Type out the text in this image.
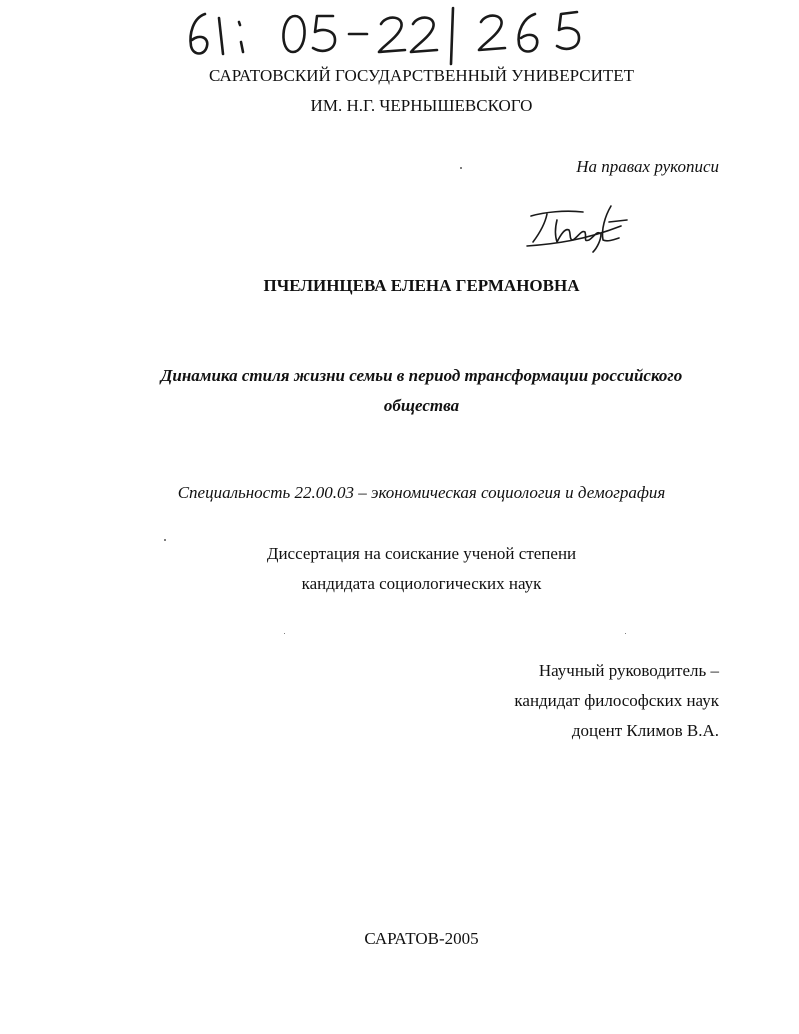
САРАТОВСКИЙ ГОСУДАРСТВЕННЫЙ УНИВЕРСИТЕТ
ИМ. Н.Г. ЧЕРНЫШЕВСКОГО
На правах рукописи
ПЧЕЛИНЦЕВА ЕЛЕНА ГЕРМАНОВНА
Динамика стиля жизни семьи в период трансформации российского
общества
Специальность 22.00.03 – экономическая социология и демография
Диссертация на соискание ученой степени
кандидата социологических наук
Научный руководитель –
кандидат философских наук
доцент Климов В.А.
САРАТОВ-2005
